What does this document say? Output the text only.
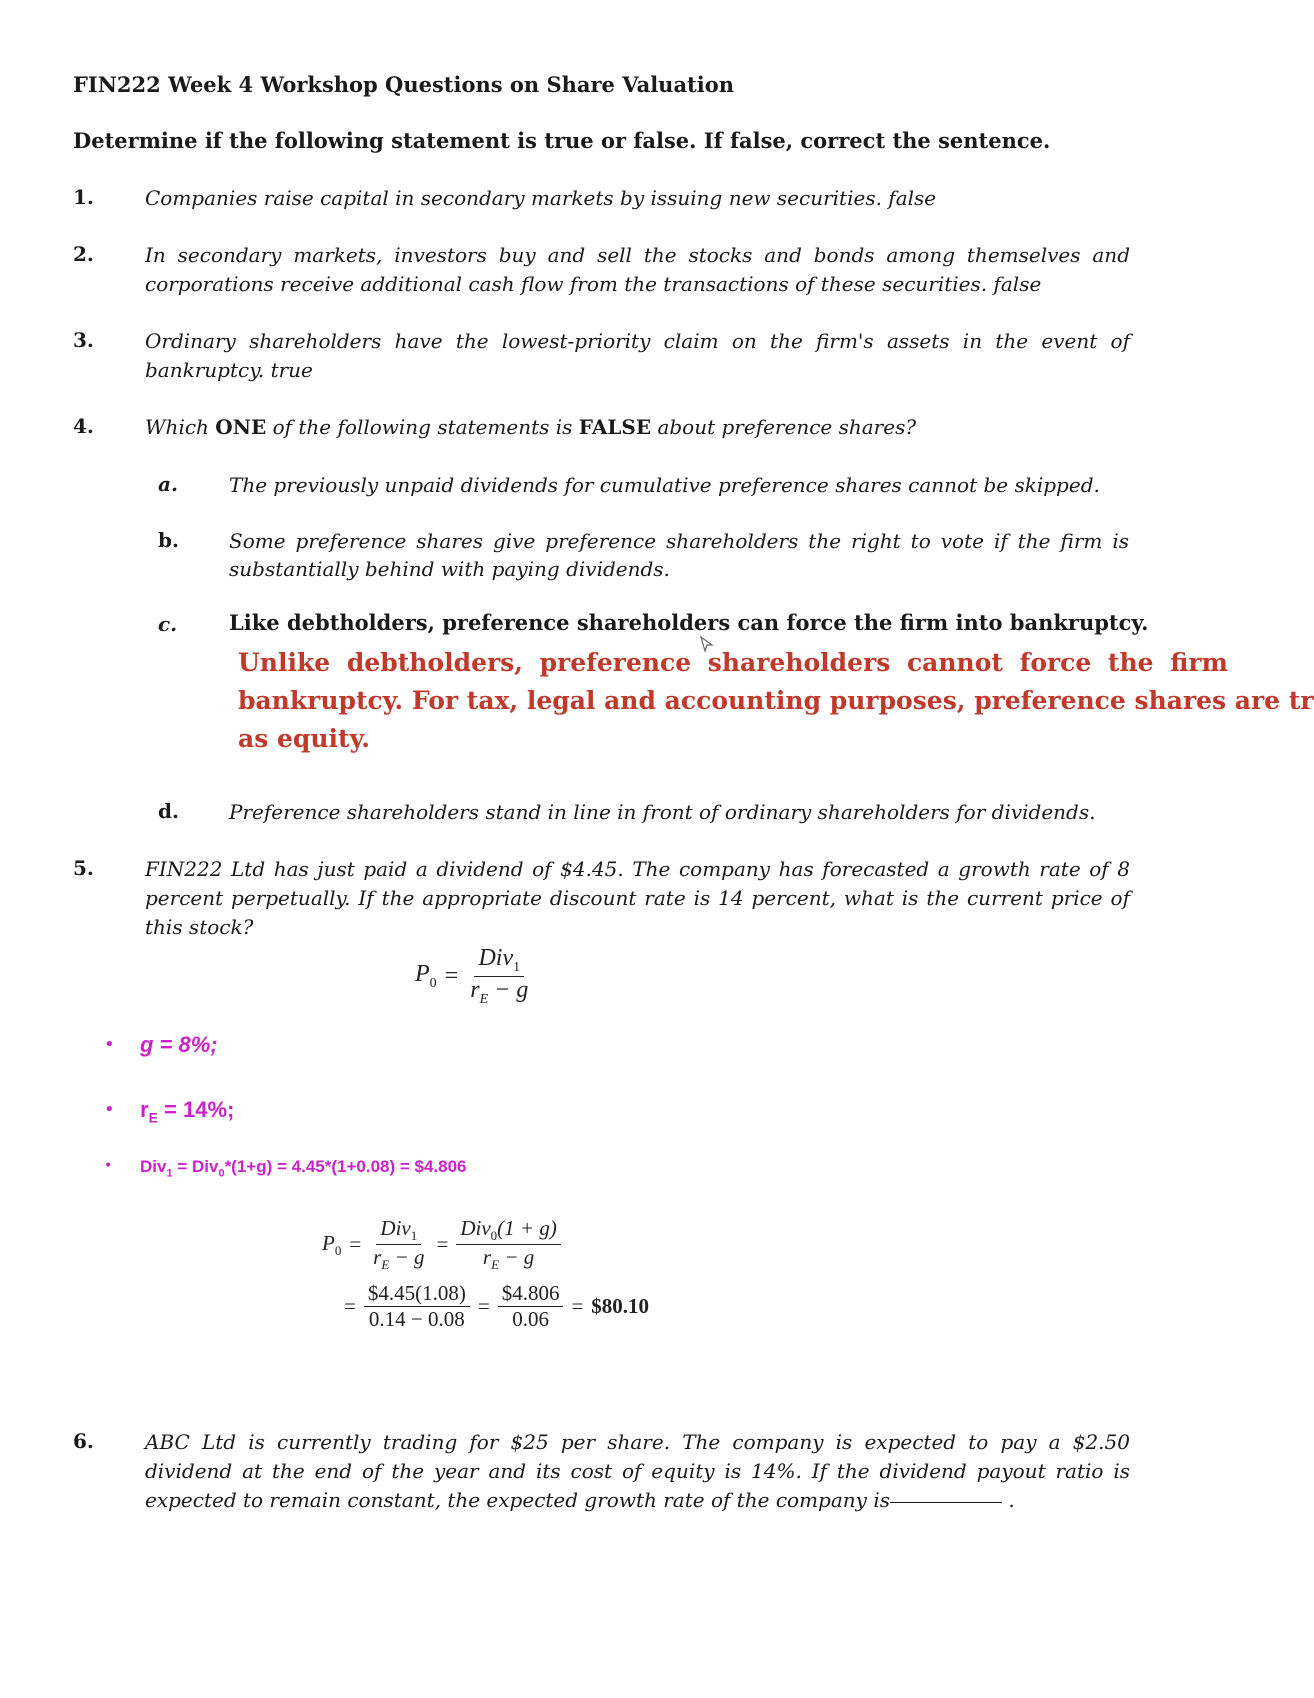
FIN222 Week 4 Workshop Questions on Share Valuation
Determine if the following statement is true or false. If false, correct the sentence.
1.	Companies raise capital in secondary markets by issuing new securities. false
2.	In secondary markets, investors buy and sell the stocks and bonds among themselves and corporations receive additional cash flow from the transactions of these securities. false
3.	Ordinary shareholders have the lowest-priority claim on the firm's assets in the event of bankruptcy. true
4.	Which ONE of the following statements is FALSE about preference shares?
a.	The previously unpaid dividends for cumulative preference shares cannot be skipped.
b.	Some preference shares give preference shareholders the right to vote if the firm is substantially behind with paying dividends.
c. Like debtholders, preference shareholders can force the firm into bankruptcy.
Unlike debtholders, preference shareholders cannot force the firm
bankruptcy. For tax, legal and accounting purposes, preference shares are tr
as equity.
d.	Preference shareholders stand in line in front of ordinary shareholders for dividends.
5.	FIN222 Ltd has just paid a dividend of $4.45. The company has forecasted a growth rate of 8 percent perpetually. If the appropriate discount rate is 14 percent, what is the current price of this stock?
$P_0 = \frac{Div_1}{r_E - g}$
• g = 8%;
• $r_E = 14\%$;
• Div$_1$ = Div$_0$*(1+g) = 4.45*(1+0.08) = $4.806
$P_0 = \frac{Div_1}{r_E - g} = \frac{Div_0(1 + g)}{r_E - g}$
= $\frac{\$4.45(1.08)}{0.14 - 0.08} = \frac{\$4.806}{0.06}$ = $80.10
6.	ABC Ltd is currently trading for $25 per share. The company is expected to pay a $2.50 dividend at the end of the year and its cost of equity is 14%. If the dividend payout ratio is expected to remain constant, the expected growth rate of the company is	.
